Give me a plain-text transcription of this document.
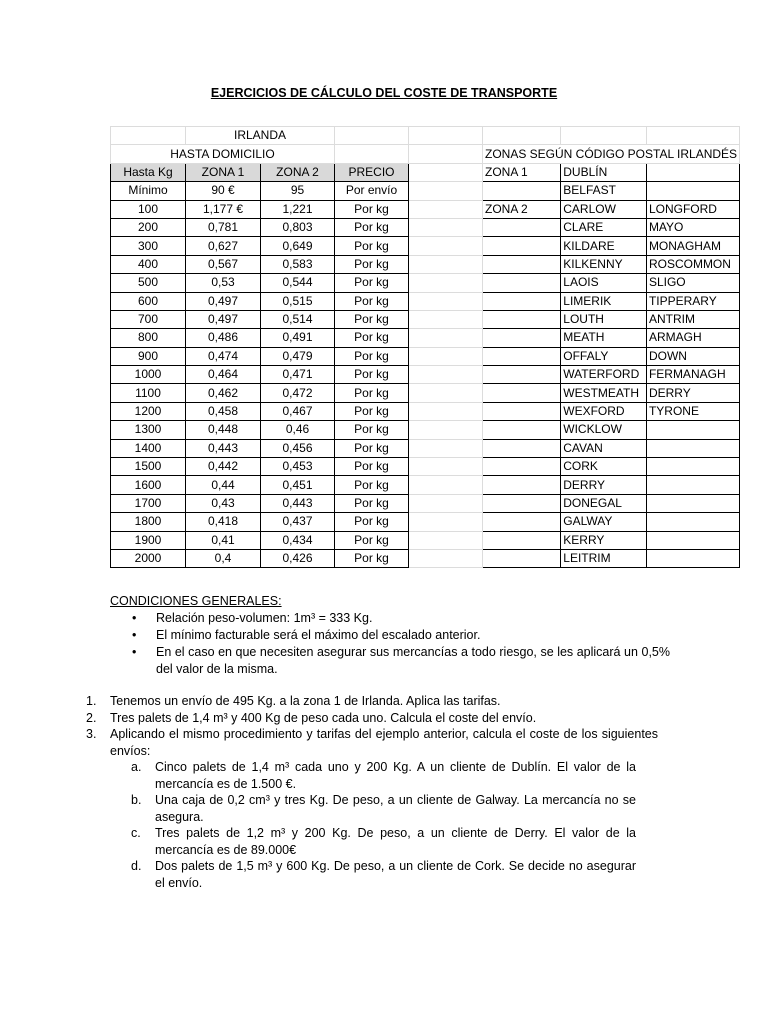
EJERCICIOS DE CÁLCULO DEL COSTE DE TRANSPORTE
	IRLANDA						
HASTA DOMICILIO					ZONAS SEGÚN CÓDIGO POSTAL IRLANDÉS		
Hasta Kg	ZONA 1	ZONA 2	PRECIO		ZONA 1	DUBLÍN	
Mínimo	90 €	95	Por envío			BELFAST	
100	1,177 €	1,221	Por kg		ZONA 2	CARLOW	LONGFORD
200	0,781	0,803	Por kg			CLARE	MAYO
300	0,627	0,649	Por kg			KILDARE	MONAGHAM
400	0,567	0,583	Por kg			KILKENNY	ROSCOMMON
500	0,53	0,544	Por kg			LAOIS	SLIGO
600	0,497	0,515	Por kg			LIMERIK	TIPPERARY
700	0,497	0,514	Por kg			LOUTH	ANTRIM
800	0,486	0,491	Por kg			MEATH	ARMAGH
900	0,474	0,479	Por kg			OFFALY	DOWN
1000	0,464	0,471	Por kg			WATERFORD	FERMANAGH
1100	0,462	0,472	Por kg			WESTMEATH	DERRY
1200	0,458	0,467	Por kg			WEXFORD	TYRONE
1300	0,448	0,46	Por kg			WICKLOW	
1400	0,443	0,456	Por kg			CAVAN	
1500	0,442	0,453	Por kg			CORK	
1600	0,44	0,451	Por kg			DERRY	
1700	0,43	0,443	Por kg			DONEGAL	
1800	0,418	0,437	Por kg			GALWAY	
1900	0,41	0,434	Por kg			KERRY	
2000	0,4	0,426	Por kg			LEITRIM	
CONDICIONES GENERALES:
• Relación peso-volumen: 1m³ = 333 Kg.
• El mínimo facturable será el máximo del escalado anterior.
• En el caso en que necesiten asegurar sus mercancías a todo riesgo, se les aplicará un 0,5% del valor de la misma.
1. Tenemos un envío de 495 Kg. a la zona 1 de Irlanda. Aplica las tarifas.
2. Tres palets de 1,4 m³ y 400 Kg de peso cada uno. Calcula el coste del envío.
3. Aplicando el mismo procedimiento y tarifas del ejemplo anterior, calcula el coste de los siguientes envíos:
a. Cinco palets de 1,4 m³ cada uno y 200 Kg. A un cliente de Dublín. El valor de la mercancía es de 1.500 €.
b. Una caja de 0,2 cm³ y tres Kg. De peso, a un cliente de Galway. La mercancía no se asegura.
c. Tres palets de 1,2 m³ y 200 Kg. De peso, a un cliente de Derry. El valor de la mercancía es de 89.000€
d. Dos palets de 1,5 m³ y 600 Kg. De peso, a un cliente de Cork. Se decide no asegurar el envío.
